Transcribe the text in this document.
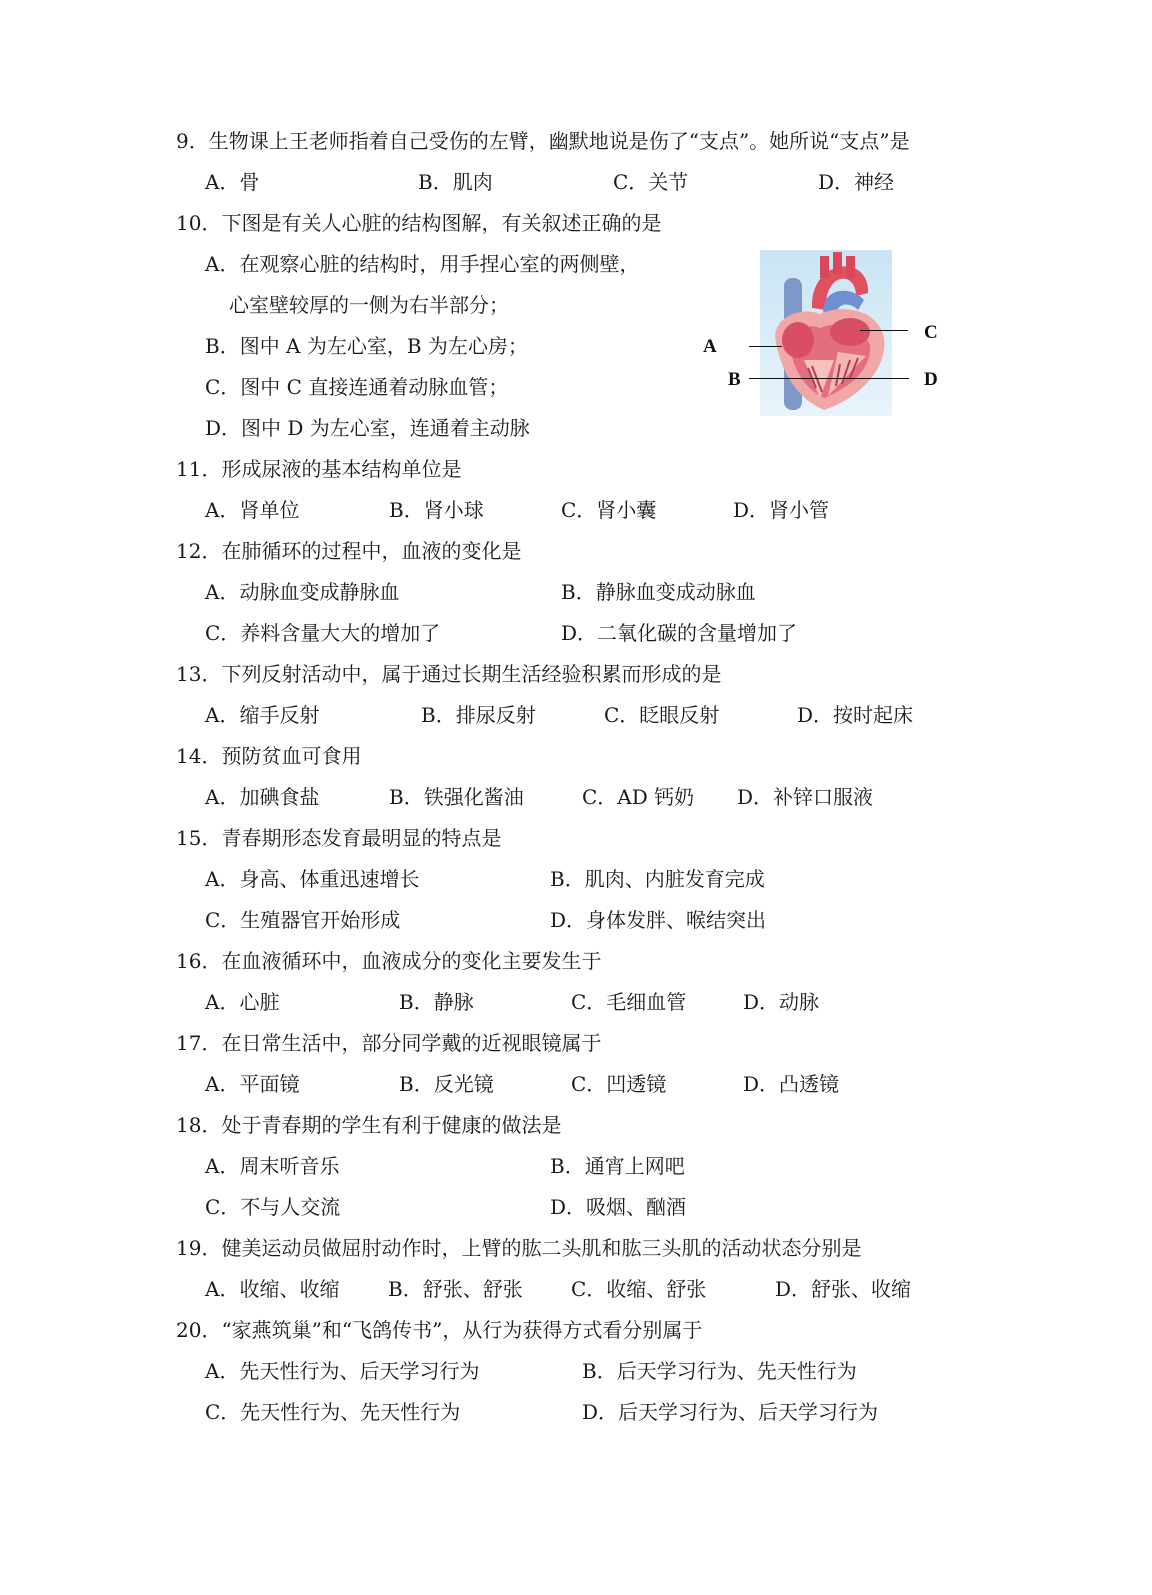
9．生物课上王老师指着自己受伤的左臂，幽默地说是伤了“支点”。她所说“支点”是
A．骨	B．肌肉	C．关节	D．神经
10．下图是有关人心脏的结构图解，有关叙述正确的是
A．在观察心脏的结构时，用手捏心室的两侧壁，
心室壁较厚的一侧为右半部分；
B．图中 A 为左心室，B 为左心房；
C．图中 C 直接连通着动脉血管；
D．图中 D 为左心室，连通着主动脉
A
B
C
D
11．形成尿液的基本结构单位是
A．肾单位	B．肾小球	C．肾小囊	D．肾小管
12．在肺循环的过程中，血液的变化是
A．动脉血变成静脉血	B．静脉血变成动脉血
C．养料含量大大的增加了	D．二氧化碳的含量增加了
13．下列反射活动中，属于通过长期生活经验积累而形成的是
A．缩手反射	B．排尿反射	C．眨眼反射	D．按时起床
14．预防贫血可食用
A．加碘食盐	B．铁强化酱油	C．AD 钙奶 D．补锌口服液
15．青春期形态发育最明显的特点是
A．身高、体重迅速增长	B．肌肉、内脏发育完成
C．生殖器官开始形成	D．身体发胖、喉结突出
16．在血液循环中，血液成分的变化主要发生于
A．心脏	B．静脉	C．毛细血管	D．动脉
17．在日常生活中，部分同学戴的近视眼镜属于
A．平面镜	B．反光镜	C．凹透镜	D．凸透镜
18．处于青春期的学生有利于健康的做法是
A．周末听音乐	B．通宵上网吧
C．不与人交流	D．吸烟、酗酒
19．健美运动员做屈肘动作时，上臂的肱二头肌和肱三头肌的活动状态分别是
A．收缩、收缩 B．舒张、舒张 C．收缩、舒张	D．舒张、收缩
20．“家燕筑巢”和“飞鸽传书”，从行为获得方式看分别属于
A．先天性行为、后天学习行为	B．后天学习行为、先天性行为
C．先天性行为、先天性行为	D．后天学习行为、后天学习行为
